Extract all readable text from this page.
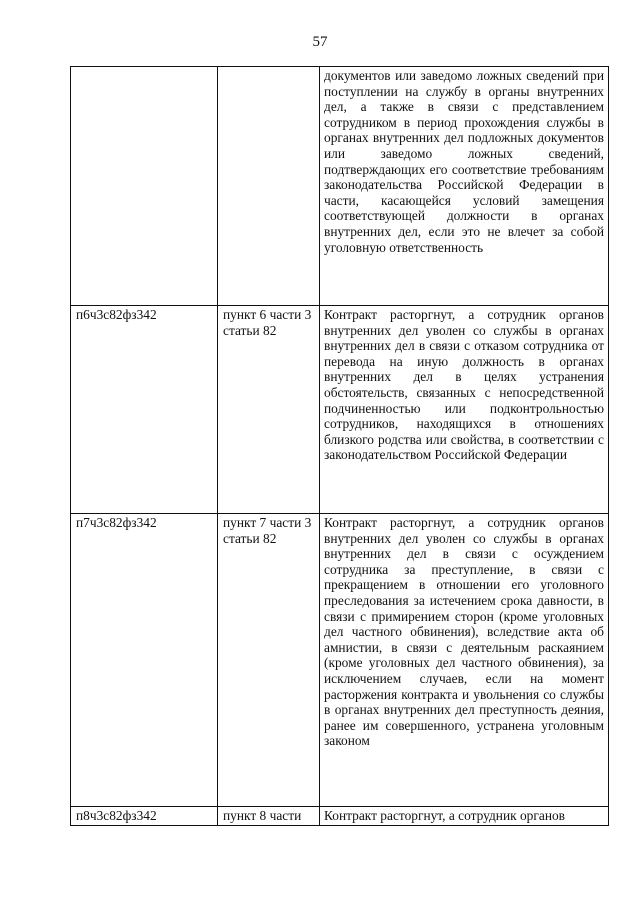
57
		документов или заведомо ложных сведений при поступлении на службу в органы внутренних дел, а также в связи с представлением сотрудником в период прохождения службы в органах внутренних дел подложных документов или заведомо ложных сведений, подтверждающих его соответствие требованиям законодательства Российской Федерации в части, касающейся условий замещения соответствующей должности в органах внутренних дел, если это не влечет за собой уголовную ответственность
п6ч3с82фз342	пункт 6 части 3 статьи 82	Контракт расторгнут, а сотрудник органов внутренних дел уволен со службы в органах внутренних дел в связи с отказом сотрудника от перевода на иную должность в органах внутренних дел в целях устранения обстоятельств, связанных с непосредственной подчиненностью или подконтрольностью сотрудников, находящихся в отношениях близкого родства или свойства, в соответствии с законодательством Российской Федерации
п7ч3с82фз342	пункт 7 части 3 статьи 82	Контракт расторгнут, а сотрудник органов внутренних дел уволен со службы в органах внутренних дел в связи с осуждением сотрудника за преступление, в связи с прекращением в отношении его уголовного преследования за истечением срока давности, в связи с примирением сторон (кроме уголовных дел частного обвинения), вследствие акта об амнистии, в связи с деятельным раскаянием (кроме уголовных дел частного обвинения), за исключением случаев, если на момент расторжения контракта и увольнения со службы в органах внутренних дел преступность деяния, ранее им совершенного, устранена уголовным законом
п8ч3с82фз342	пункт 8 части	Контракт расторгнут, а сотрудник органов
